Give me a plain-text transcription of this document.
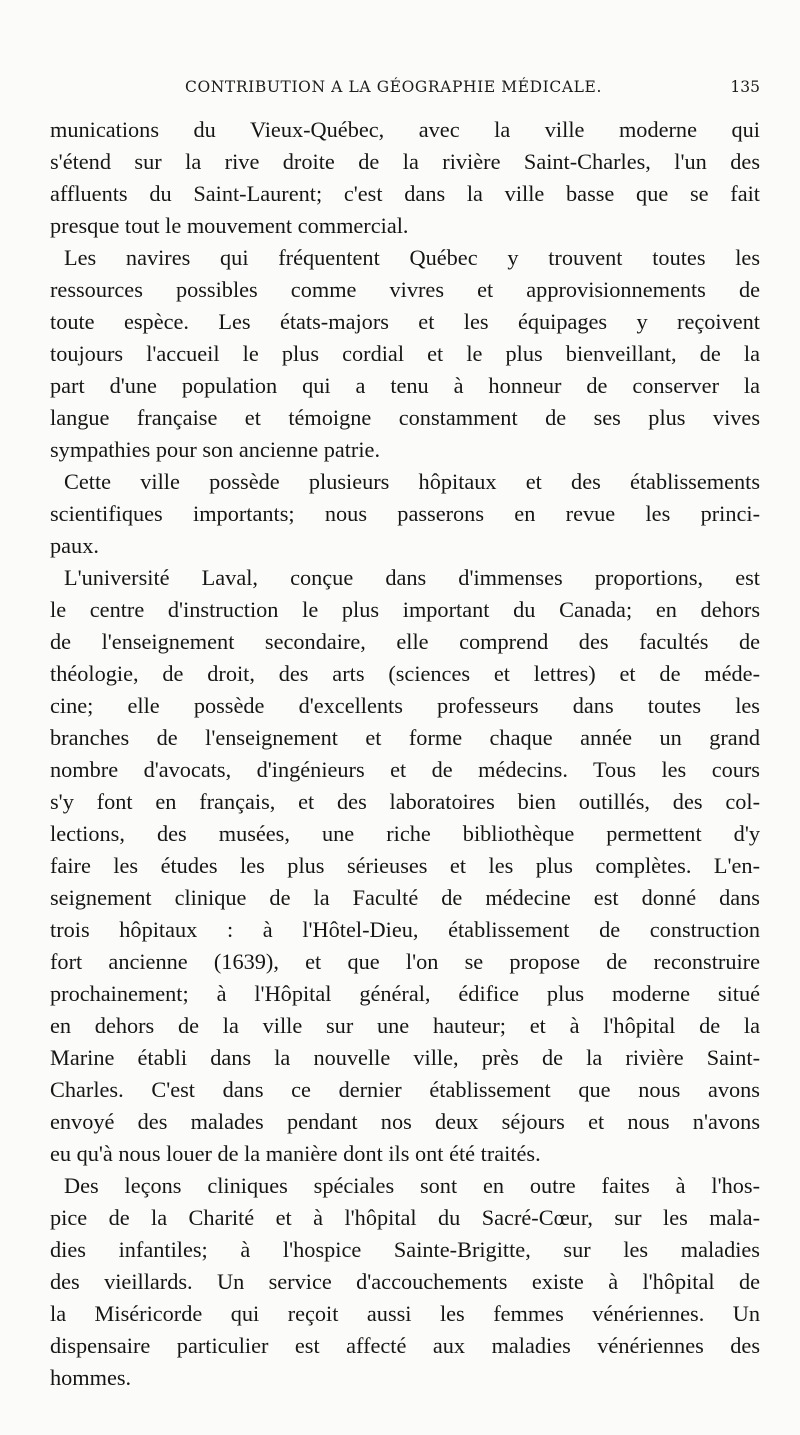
CONTRIBUTION A LA GÉOGRAPHIE MÉDICALE.	135
munications du Vieux-Québec, avec la ville moderne qui
s'étend sur la rive droite de la rivière Saint-Charles, l'un des
affluents du Saint-Laurent; c'est dans la ville basse que se fait
presque tout le mouvement commercial.
Les navires qui fréquentent Québec y trouvent toutes les
ressources possibles comme vivres et approvisionnements de
toute espèce. Les états-majors et les équipages y reçoivent
toujours l'accueil le plus cordial et le plus bienveillant, de la
part d'une population qui a tenu à honneur de conserver la
langue française et témoigne constamment de ses plus vives
sympathies pour son ancienne patrie.
Cette ville possède plusieurs hôpitaux et des établissements
scientifiques importants; nous passerons en revue les princi-
paux.
L'université Laval, conçue dans d'immenses proportions, est
le centre d'instruction le plus important du Canada; en dehors
de l'enseignement secondaire, elle comprend des facultés de
théologie, de droit, des arts (sciences et lettres) et de méde-
cine; elle possède d'excellents professeurs dans toutes les
branches de l'enseignement et forme chaque année un grand
nombre d'avocats, d'ingénieurs et de médecins. Tous les cours
s'y font en français, et des laboratoires bien outillés, des col-
lections, des musées, une riche bibliothèque permettent d'y
faire les études les plus sérieuses et les plus complètes. L'en-
seignement clinique de la Faculté de médecine est donné dans
trois hôpitaux : à l'Hôtel-Dieu, établissement de construction
fort ancienne (1639), et que l'on se propose de reconstruire
prochainement; à l'Hôpital général, édifice plus moderne situé
en dehors de la ville sur une hauteur; et à l'hôpital de la
Marine établi dans la nouvelle ville, près de la rivière Saint-
Charles. C'est dans ce dernier établissement que nous avons
envoyé des malades pendant nos deux séjours et nous n'avons
eu qu'à nous louer de la manière dont ils ont été traités.
Des leçons cliniques spéciales sont en outre faites à l'hos-
pice de la Charité et à l'hôpital du Sacré-Cœur, sur les mala-
dies infantiles; à l'hospice Sainte-Brigitte, sur les maladies
des vieillards. Un service d'accouchements existe à l'hôpital de
la Miséricorde qui reçoit aussi les femmes vénériennes. Un
dispensaire particulier est affecté aux maladies vénériennes des
hommes.
